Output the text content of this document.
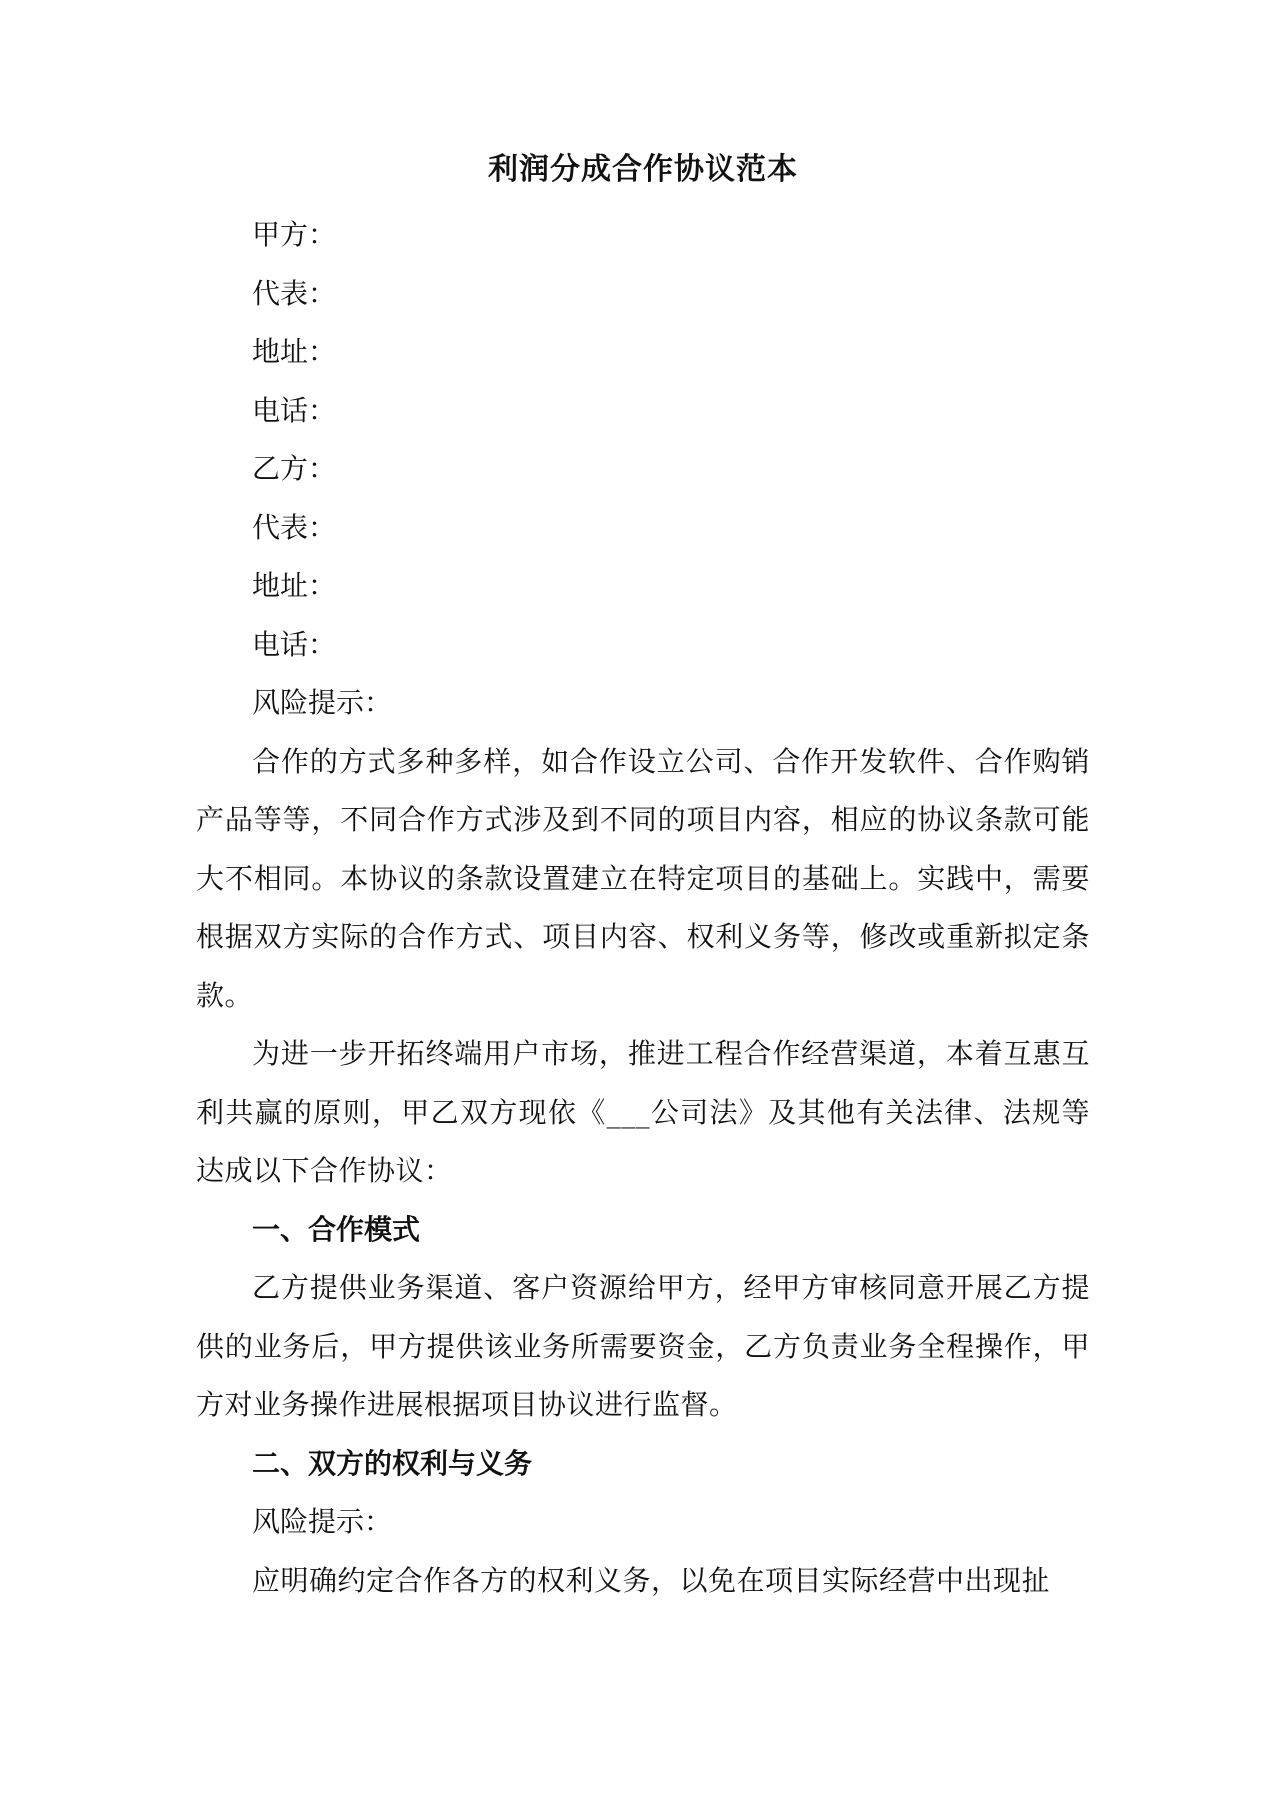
利润分成合作协议范本

甲方：

代表：

地址：

电话：

乙方：

代表：

地址：

电话：

风险提示：

合作的方式多种多样，如合作设立公司、合作开发软件、合作购销产品等等，不同合作方式涉及到不同的项目内容，相应的协议条款可能大不相同。本协议的条款设置建立在特定项目的基础上。实践中，需要根据双方实际的合作方式、项目内容、权利义务等，修改或重新拟定条款。

为进一步开拓终端用户市场，推进工程合作经营渠道，本着互惠互利共赢的原则，甲乙双方现依《___公司法》及其他有关法律、法规等达成以下合作协议：

一、合作模式

乙方提供业务渠道、客户资源给甲方，经甲方审核同意开展乙方提供的业务后，甲方提供该业务所需要资金，乙方负责业务全程操作，甲方对业务操作进展根据项目协议进行监督。

二、双方的权利与义务

风险提示：

应明确约定合作各方的权利义务，以免在项目实际经营中出现扯
